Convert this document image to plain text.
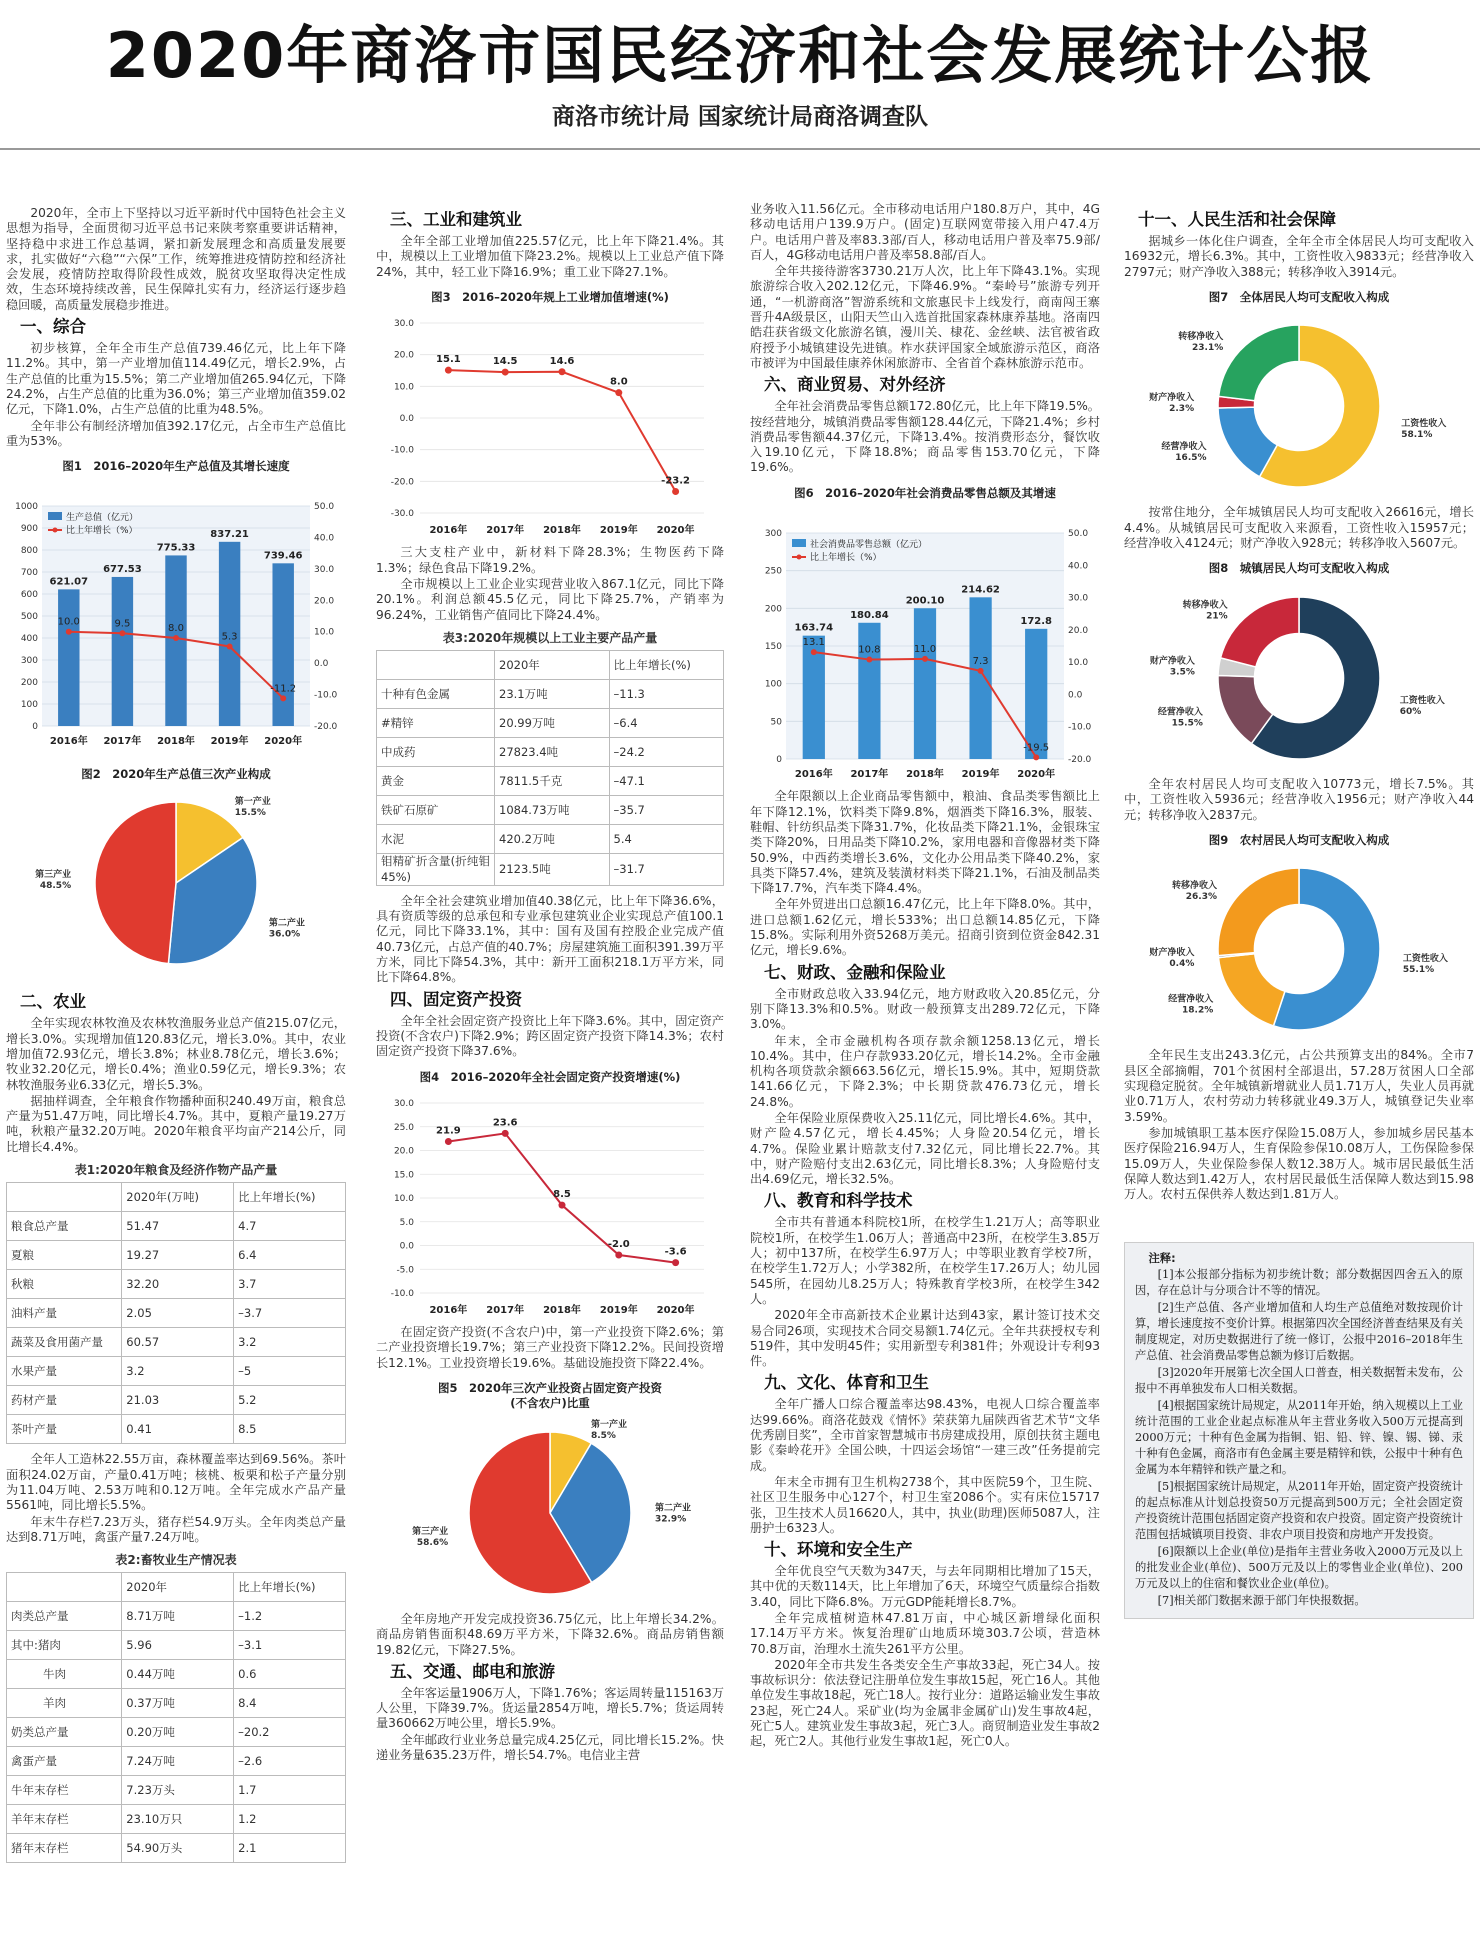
2020年商洛市国民经济和社会发展统计公报
商洛市统计局 国家统计局商洛调查队

2020年，全市上下坚持以习近平新时代中国特色社会主义思想为指导，全面贯彻习近平总书记来陕考察重要讲话精神，坚持稳中求进工作总基调，紧扣新发展理念和高质量发展要求，扎实做好“六稳”“六保”工作，统筹推进疫情防控和经济社会发展，疫情防控取得阶段性成效，脱贫攻坚取得决定性成效，生态环境持续改善，民生保障扎实有力，经济运行逐步趋稳回暖，高质量发展稳步推进。

一、综合

初步核算，全年全市生产总值739.46亿元，比上年下降11.2%。其中，第一产业增加值114.49亿元，增长2.9%，占生产总值的比重为15.5%；第二产业增加值265.94亿元，下降24.2%，占生产总值的比重为36.0%；第三产业增加值359.02亿元，下降1.0%，占生产总值的比重为48.5%。

全年非公有制经济增加值392.17亿元，占全市生产总值比重为53%。

图1　2016–2020年生产总值及其增长速度
0
100
200
300
400
500
600
700
800
900
1000
-20.0
-10.0
0.0
10.0
20.0
30.0
40.0
50.0
621.07
2016年
677.53
2017年
775.33
2018年
837.21
2019年
739.46
2020年
10.0	9.5	8.0
5.3
-11.2
生产总值（亿元）
比上年增长（%）
图2　2020年生产总值三次产业构成
第一产业
15.5%
第二产业
36.0%
第三产业
48.5%
二、农业

全年实现农林牧渔及农林牧渔服务业总产值215.07亿元，增长3.0%。实现增加值120.83亿元，增长3.0%。其中，农业增加值72.93亿元，增长3.8%；林业8.78亿元，增长3.6%；牧业32.20亿元，增长0.4%；渔业0.59亿元，增长9.3%；农林牧渔服务业6.33亿元，增长5.3%。

据抽样调查，全年粮食作物播种面积240.49万亩，粮食总产量为51.47万吨，同比增长4.7%。其中，夏粮产量19.27万吨，秋粮产量32.20万吨。2020年粮食平均亩产214公斤，同比增长4.4%。

表1:2020年粮食及经济作物产品产量
	2020年(万吨)	比上年增长(%)
粮食总产量	51.47	4.7
夏粮	19.27	6.4
秋粮	32.20	3.7
油料产量	2.05	–3.7
蔬菜及食用菌产量	60.57	3.2
水果产量	3.2	–5
药材产量	21.03	5.2
茶叶产量	0.41	8.5

全年人工造林22.55万亩，森林覆盖率达到69.56%。茶叶面积24.02万亩，产量0.41万吨；核桃、板栗和松子产量分别为11.04万吨、2.53万吨和0.12万吨。全年完成水产品产量5561吨，同比增长5.5%。

年末牛存栏7.23万头，猪存栏54.9万头。全年肉类总产量达到8.71万吨，禽蛋产量7.24万吨。

表2:畜牧业生产情况表
	2020年	比上年增长(%)
肉类总产量	8.71万吨	–1.2
其中:猪肉	5.96	–3.1
牛肉	0.44万吨	0.6
羊肉	0.37万吨	8.4
奶类总产量	0.20万吨	–20.2
禽蛋产量	7.24万吨	–2.6
牛年末存栏	7.23万头	1.7
羊年末存栏	23.10万只	1.2
猪年末存栏	54.90万头	2.1
三、工业和建筑业

全年全部工业增加值225.57亿元，比上年下降21.4%。其中，规模以上工业增加值下降23.2%。规模以上工业总产值下降24%，其中，轻工业下降16.9%；重工业下降27.1%。

图3　2016–2020年规上工业增加值增速(%)
-30.0
-20.0
-10.0
0.0
10.0
20.0
30.0
15.1
2016年
14.5
2017年
14.6
2018年
8.0
2019年
-23.2
2020年

三大支柱产业中，新材料下降28.3%；生物医药下降1.3%；绿色食品下降19.2%。

全市规模以上工业企业实现营业收入867.1亿元，同比下降20.1%。利润总额45.5亿元，同比下降25.7%，产销率为96.24%，工业销售产值同比下降24.4%。

表3:2020年规模以上工业主要产品产量
	2020年	比上年增长(%)
十种有色金属	23.1万吨	–11.3
#精锌	20.99万吨	–6.4
中成药	27823.4吨	–24.2
黄金	7811.5千克	–47.1
铁矿石原矿	1084.73万吨	–35.7
水泥	420.2万吨	5.4
钼精矿折含量(折纯钼45%)	2123.5吨	–31.7

全年全社会建筑业增加值40.38亿元，比上年下降36.6%，具有资质等级的总承包和专业承包建筑业企业实现总产值100.1亿元，同比下降33.1%，其中：国有及国有控股企业完成产值40.73亿元，占总产值的40.7%；房屋建筑施工面积391.39万平方米，同比下降54.3%，其中：新开工面积218.1万平方米，同比下降64.8%。

四、固定资产投资

全年全社会固定资产投资比上年下降3.6%。其中，固定资产投资(不含农户)下降2.9%；跨区固定资产投资下降14.3%；农村固定资产投资下降37.6%。

图4　2016–2020年全社会固定资产投资增速(%)
-10.0
-5.0
0.0
5.0
10.0
15.0
20.0
25.0
30.0
21.9
2016年
23.6
2017年
8.5
2018年
-2.0
2019年
-3.6
2020年

在固定资产投资(不含农户)中，第一产业投资下降2.6%；第二产业投资增长19.7%；第三产业投资下降12.2%。民间投资增长12.1%。工业投资增长19.6%。基础设施投资下降22.4%。

图5　2020年三次产业投资占固定资产投资
(不含农户)比重
第一产业
8.5%
第二产业
32.9%
第三产业
58.6%

全年房地产开发完成投资36.75亿元，比上年增长34.2%。商品房销售面积48.69万平方米，下降32.6%。商品房销售额19.82亿元，下降27.5%。

五、交通、邮电和旅游

全年客运量1906万人，下降1.76%；客运周转量115163万人公里，下降39.7%。货运量2854万吨，增长5.7%；货运周转量360662万吨公里，增长5.9%。

全年邮政行业业务总量完成4.25亿元，同比增长15.2%。快递业务量635.23万件，增长54.7%。电信业主营

业务收入11.56亿元。全市移动电话用户180.8万户，其中，4G移动电话用户139.9万户。(固定)互联网宽带接入用户47.4万户。电话用户普及率83.3部/百人，移动电话用户普及率75.9部/百人，4G移动电话用户普及率58.8部/百人。

全年共接待游客3730.21万人次，比上年下降43.1%。实现旅游综合收入202.12亿元，下降46.9%。“秦岭号”旅游专列开通，“一机游商洛”智游系统和文旅惠民卡上线发行，商南闯王寨晋升4A级景区，山阳天竺山入选首批国家森林康养基地。洛南四皓荘获省级文化旅游名镇，漫川关、棣花、金丝峡、法官被省政府授予小城镇建设先进镇。柞水获评国家全域旅游示范区，商洛市被评为中国最佳康养休闲旅游市、全省首个森林旅游示范市。

六、商业贸易、对外经济

全年社会消费品零售总额172.80亿元，比上年下降19.5%。按经营地分，城镇消费品零售额128.44亿元，下降21.4%；乡村消费品零售额44.37亿元，下降13.4%。按消费形态分，餐饮收入19.10亿元，下降18.8%；商品零售153.70亿元，下降19.6%。

图6　2016–2020年社会消费品零售总额及其增速
0
50
100
150
200
250
300
-20.0
-10.0
0.0
10.0
20.0
30.0
40.0
50.0
163.74
2016年
180.84
2017年
200.10
2018年
214.62
2019年
172.8
2020年
13.1
10.8	11.0
7.3
-19.5
社会消费品零售总额（亿元）
比上年增长（%）

全年限额以上企业商品零售额中，粮油、食品类零售额比上年下降12.1%，饮料类下降9.8%，烟酒类下降16.3%，服装、鞋帽、针纺织品类下降31.7%，化妆品类下降21.1%，金银珠宝类下降20%，日用品类下降10.2%，家用电器和音像器材类下降50.9%，中西药类增长3.6%，文化办公用品类下降40.2%，家具类下降57.4%，建筑及装潢材料类下降21.1%，石油及制品类下降17.7%，汽车类下降4.4%。

全年外贸进出口总额16.47亿元，比上年下降8.0%。其中，进口总额1.62亿元，增长533%；出口总额14.85亿元，下降15.8%。实际利用外资5268万美元。招商引资到位资金842.31亿元，增长9.6%。

七、财政、金融和保险业

全市财政总收入33.94亿元，地方财政收入20.85亿元，分别下降13.3%和0.5%。财政一般预算支出289.72亿元，下降3.0%。

年末，全市金融机构各项存款余额1258.13亿元，增长10.4%。其中，住户存款933.20亿元，增长14.2%。全市金融机构各项贷款余额663.56亿元，增长15.9%。其中，短期贷款141.66亿元，下降2.3%；中长期贷款476.73亿元，增长24.8%。

全年保险业原保费收入25.11亿元，同比增长4.6%。其中，财产险4.57亿元，增长4.45%；人身险20.54亿元，增长4.7%。保险业累计赔款支付7.32亿元，同比增长22.7%。其中，财产险赔付支出2.63亿元，同比增长8.3%；人身险赔付支出4.69亿元，增长32.5%。

八、教育和科学技术

全市共有普通本科院校1所，在校学生1.21万人；高等职业院校1所，在校学生1.06万人；普通高中23所，在校学生3.85万人；初中137所，在校学生6.97万人；中等职业教育学校7所，在校学生1.72万人；小学382所，在校学生17.26万人；幼儿园545所，在园幼儿8.25万人；特殊教育学校3所，在校学生342人。

2020年全市高新技术企业累计达到43家，累计签订技术交易合同26项，实现技术合同交易额1.74亿元。全年共获授权专利519件，其中发明45件；实用新型专利381件；外观设计专利93件。

九、文化、体育和卫生

全年广播人口综合覆盖率达98.43%，电视人口综合覆盖率达99.66%。商洛花鼓戏《情怀》荣获第九届陕西省艺术节“文华优秀剧目奖”，全市首家智慧城市书房建成投用，原创扶贫主题电影《秦岭花开》全国公映，十四运会场馆“一建三改”任务提前完成。

年末全市拥有卫生机构2738个，其中医院59个，卫生院、社区卫生服务中心127个，村卫生室2086个。实有床位15717张，卫生技术人员16620人，其中，执业(助理)医师5087人，注册护士6323人。

十、环境和安全生产

全年优良空气天数为347天，与去年同期相比增加了15天，其中优的天数114天，比上年增加了6天，环境空气质量综合指数3.40，同比下降6.8%。万元GDP能耗增长8.7%。

全年完成植树造林47.81万亩，中心城区新增绿化面积17.14万平方米。恢复治理矿山地质环境303.7公顷，营造林70.8万亩，治理水土流失261平方公里。

2020年全市共发生各类安全生产事故33起，死亡34人。按事故标识分：依法登记注册单位发生事故15起，死亡16人。其他单位发生事故18起，死亡18人。按行业分：道路运输业发生事故23起，死亡24人。采矿业(均为金属非金属矿山)发生事故4起，死亡5人。建筑业发生事故3起，死亡3人。商贸制造业发生事故2起，死亡2人。其他行业发生事故1起，死亡0人。

十一、人民生活和社会保障

据城乡一体化住户调查，全年全市全体居民人均可支配收入16932元，增长6.3%。其中，工资性收入9833元；经营净收入2797元；财产净收入388元；转移净收入3914元。

图7　全体居民人均可支配收入构成
工资性收入
58.1%
经营净收入
16.5%
财产净收入
2.3%
转移净收入
23.1%

按常住地分，全年城镇居民人均可支配收入26616元，增长4.4%。从城镇居民可支配收入来源看，工资性收入15957元；经营净收入4124元；财产净收入928元；转移净收入5607元。

图8　城镇居民人均可支配收入构成
工资性收入
60%
经营净收入
15.5%
财产净收入
3.5%
转移净收入
21%

全年农村居民人均可支配收入10773元，增长7.5%。其中，工资性收入5936元；经营净收入1956元；财产净收入44元；转移净收入2837元。

图9　农村居民人均可支配收入构成
工资性收入
55.1%
经营净收入
18.2%
财产净收入
0.4%
转移净收入
26.3%

全年民生支出243.3亿元，占公共预算支出的84%。全市7县区全部摘帽，701个贫困村全部退出，57.28万贫困人口全部实现稳定脱贫。全年城镇新增就业人员1.71万人，失业人员再就业0.71万人，农村劳动力转移就业49.3万人，城镇登记失业率3.59%。

参加城镇职工基本医疗保险15.08万人，参加城乡居民基本医疗保险216.94万人，生育保险参保10.08万人，工伤保险参保15.09万人，失业保险参保人数12.38万人。城市居民最低生活保障人数达到1.42万人，农村居民最低生活保障人数达到15.98万人。农村五保供养人数达到1.81万人。

注释:

[1]本公报部分指标为初步统计数；部分数据因四舍五入的原因，存在总计与分项合计不等的情况。

[2]生产总值、各产业增加值和人均生产总值绝对数按现价计算，增长速度按不变价计算。根据第四次全国经济普查结果及有关制度规定，对历史数据进行了统一修订，公报中2016–2018年生产总值、社会消费品零售总额为修订后数据。

[3]2020年开展第七次全国人口普查，相关数据暂未发布，公报中不再单独发布人口相关数据。

[4]根据国家统计局规定，从2011年开始，纳入规模以上工业统计范围的工业企业起点标准从年主营业务收入500万元提高到2000万元；十种有色金属为指铜、铝、铅、锌、镍、锡、锑、汞十种有色金属，商洛市有色金属主要是精锌和铁，公报中十种有色金属为本年精锌和铁产量之和。

[5]根据国家统计局规定，从2011年开始，固定资产投资统计的起点标准从计划总投资50万元提高到500万元；全社会固定资产投资统计范围包括固定资产投资和农户投资。固定资产投资统计范围包括城镇项目投资、非农户项目投资和房地产开发投资。

[6]限额以上企业(单位)是指年主营业务收入2000万元及以上的批发业企业(单位)、500万元及以上的零售业企业(单位)、200万元及以上的住宿和餐饮业企业(单位)。

[7]相关部门数据来源于部门年快报数据。
